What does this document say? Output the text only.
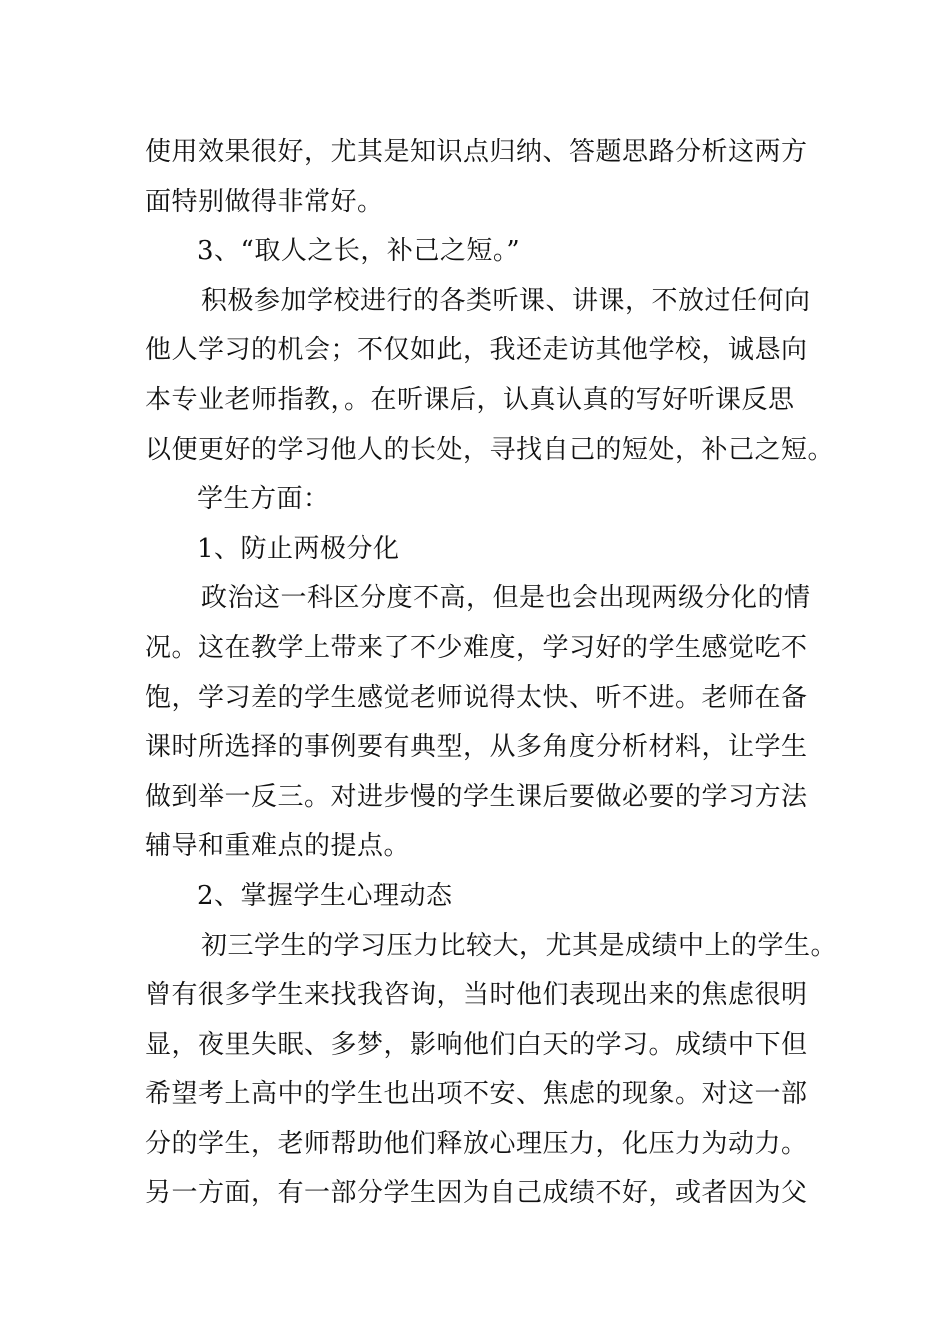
使用效果很好，尤其是知识点归纳、答题思路分析这两方
面特别做得非常好。
3、“取人之长，补己之短。”
积极参加学校进行的各类听课、讲课，不放过任何向
他人学习的机会；不仅如此，我还走访其他学校，诚恳向
本专业老师指教，。在听课后，认真认真的写好听课反思
以便更好的学习他人的长处，寻找自己的短处，补己之短。
学生方面：
1、防止两极分化
政治这一科区分度不高，但是也会出现两级分化的情
况。这在教学上带来了不少难度，学习好的学生感觉吃不
饱，学习差的学生感觉老师说得太快、听不进。老师在备
课时所选择的事例要有典型，从多角度分析材料，让学生
做到举一反三。对进步慢的学生课后要做必要的学习方法
辅导和重难点的提点。
2、掌握学生心理动态
初三学生的学习压力比较大，尤其是成绩中上的学生。
曾有很多学生来找我咨询，当时他们表现出来的焦虑很明
显，夜里失眠、多梦，影响他们白天的学习。成绩中下但
希望考上高中的学生也出项不安、焦虑的现象。对这一部
分的学生，老师帮助他们释放心理压力，化压力为动力。
另一方面，有一部分学生因为自己成绩不好，或者因为父
